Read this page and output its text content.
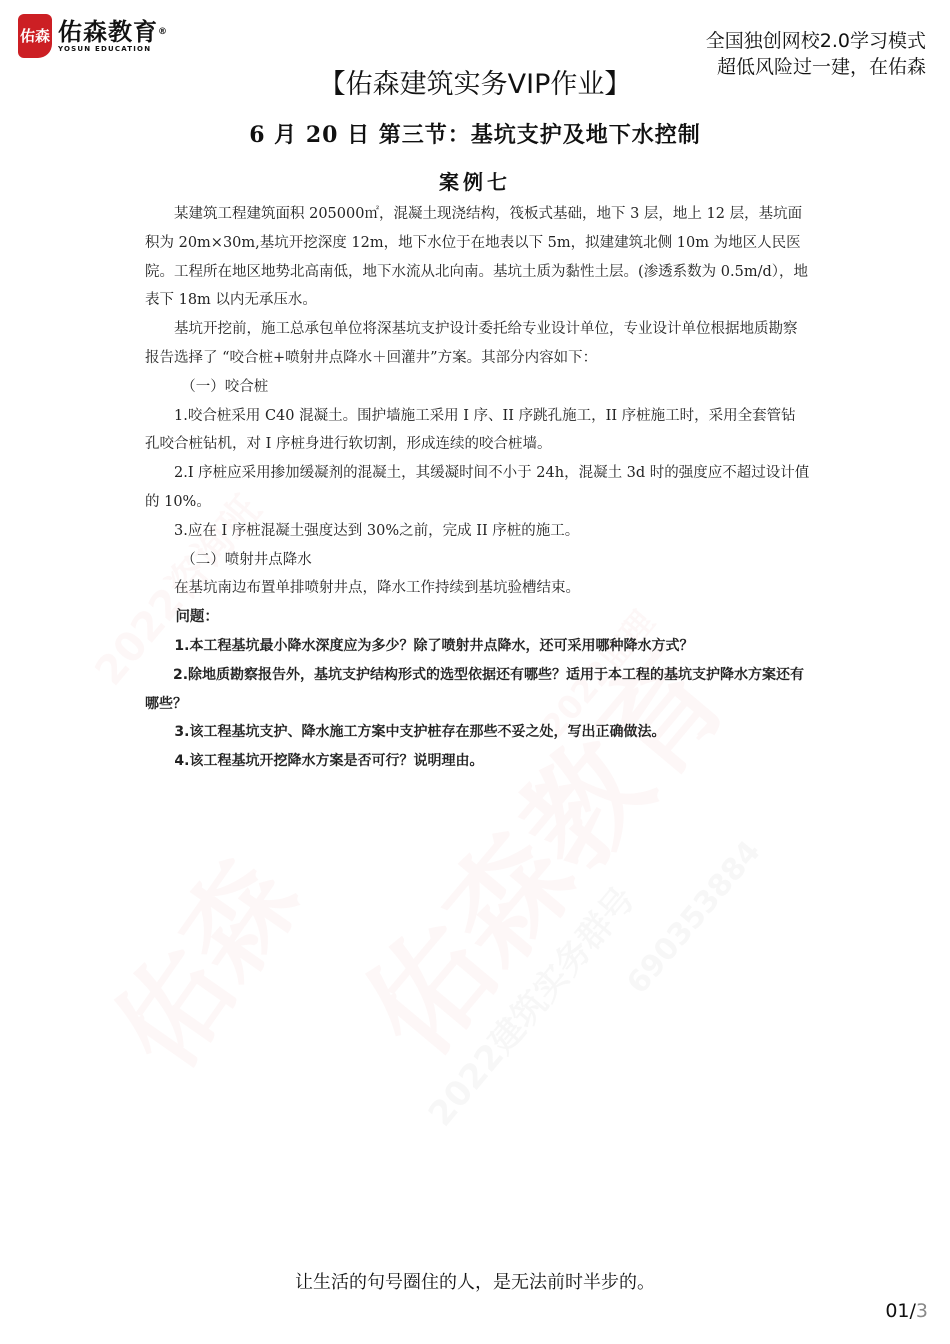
2022建筑实务群号
690353884
佑森 佑森教育®
YOSUN EDUCATION	全国独创网校2.0学习模式
超低风险过一建，在佑森
【佑森建筑实务VIP作业】
6 月 20 日 第三节：基坑支护及地下水控制
案例七

某建筑工程建筑面积 205000㎡，混凝土现浇结构，筏板式基础，地下 3 层，地上 12 层，基坑面积为 20m×30m,基坑开挖深度 12m，地下水位于在地表以下 5m，拟建建筑北侧 10m 为地区人民医院。工程所在地区地势北高南低，地下水流从北向南。基坑土质为黏性土层。(渗透系数为 0.5m/d），地表下 18m 以内无承压水。

基坑开挖前，施工总承包单位将深基坑支护设计委托给专业设计单位，专业设计单位根据地质勘察报告选择了 “咬合桩+喷射井点降水＋回灌井”方案。其部分内容如下：

（一）咬合桩

1.咬合桩采用 C40 混凝土。围护墙施工采用 I 序、II 序跳孔施工，II 序桩施工时，采用全套管钻孔咬合桩钻机，对 I 序桩身进行软切割，形成连续的咬合桩墙。

2.I 序桩应采用掺加缓凝剂的混凝土，其缓凝时间不小于 24h，混凝土 3d 时的强度应不超过设计值的 10%。

3.应在 I 序桩混凝土强度达到 30%之前，完成 II 序桩的施工。

（二）喷射井点降水

在基坑南边布置单排喷射井点，降水工作持续到基坑验槽结束。

问题：

1.本工程基坑最小降水深度应为多少？除了喷射井点降水，还可采用哪种降水方式？

2.除地质勘察报告外，基坑支护结构形式的选型依据还有哪些？适用于本工程的基坑支护降水方案还有哪些？

3.该工程基坑支护、降水施工方案中支护桩存在那些不妥之处，写出正确做法。

4.该工程基坑开挖降水方案是否可行？说明理由。

让生活的句号圈住的人，是无法前时半步的。
01/3
